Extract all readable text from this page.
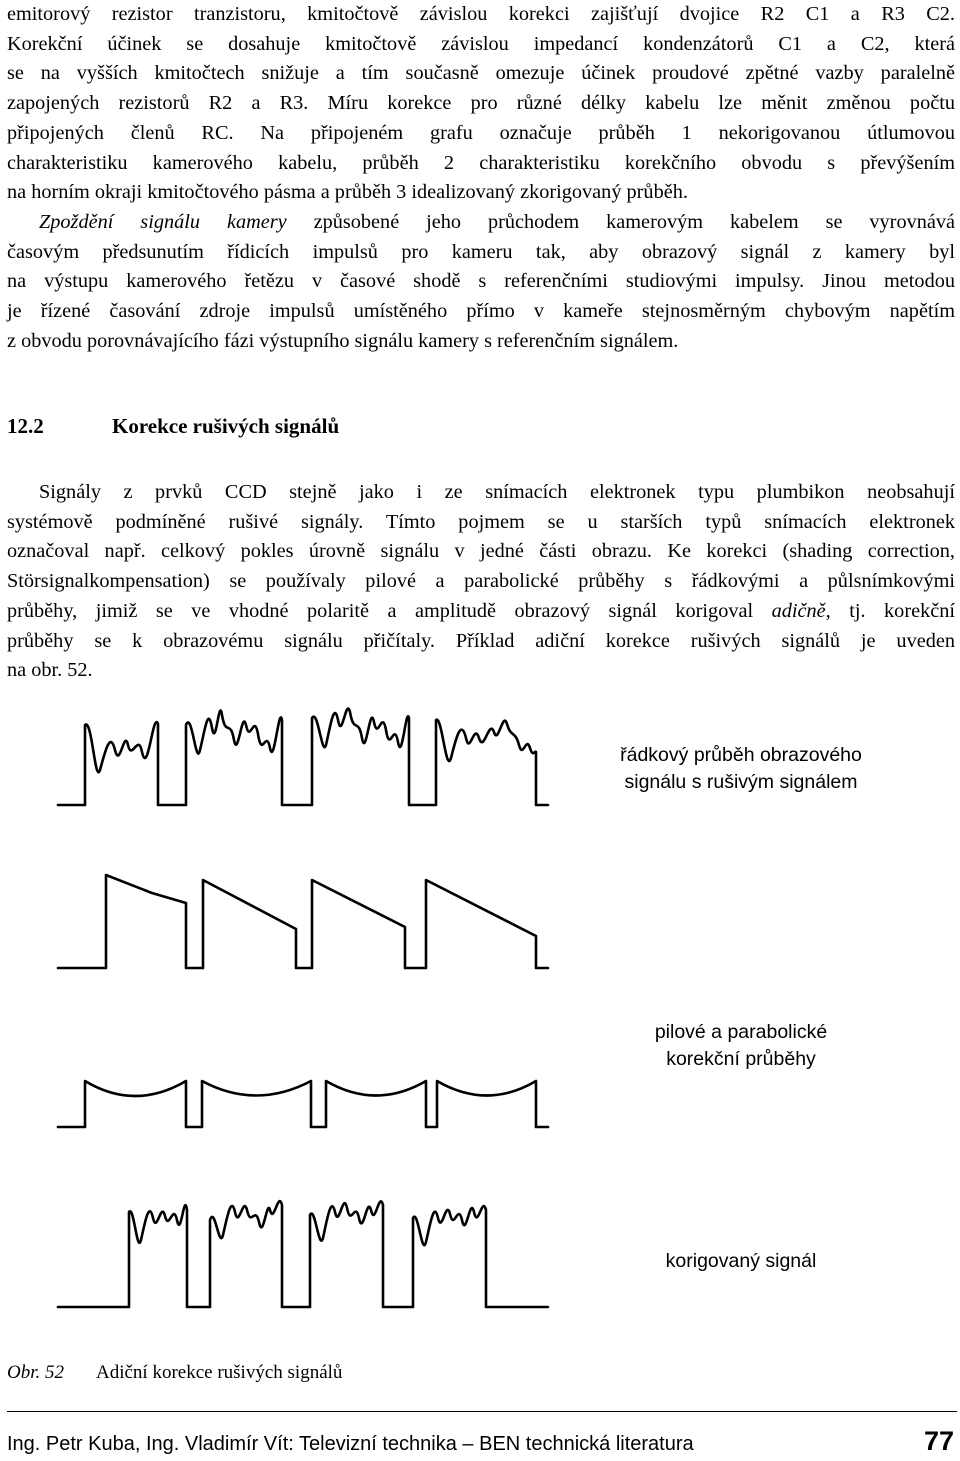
emitorový rezistor tranzistoru, kmitočtově závislou korekci zajišťují dvojice R2 C1 a R3 C2.
Korekční účinek se dosahuje kmitočtově závislou impedancí kondenzátorů C1 a C2, která
se na vyšších kmitočtech snižuje a tím současně omezuje účinek proudové zpětné vazby paralelně
zapojených rezistorů R2 a R3. Míru korekce pro různé délky kabelu lze měnit změnou počtu
připojených členů RC. Na připojeném grafu označuje průběh 1 nekorigovanou útlumovou
charakteristiku kamerového kabelu, průběh 2 charakteristiku korekčního obvodu s převýšením
na horním okraji kmitočtového pásma a průběh 3 idealizovaný zkorigovaný průběh.
Zpoždění signálu kamery způsobené jeho průchodem kamerovým kabelem se vyrovnává
časovým předsunutím řídicích impulsů pro kameru tak, aby obrazový signál z kamery byl
na výstupu kamerového řetězu v časové shodě s referenčními studiovými impulsy. Jinou metodou
je řízené časování zdroje impulsů umístěného přímo v kameře stejnosměrným chybovým napětím
z obvodu porovnávajícího fázi výstupního signálu kamery s referenčním signálem.
12.2	Korekce rušivých signálů
Signály z prvků CCD stejně jako i ze snímacích elektronek typu plumbikon neobsahují
systémově podmíněné rušivé signály. Tímto pojmem se u starších typů snímacích elektronek
označoval např. celkový pokles úrovně signálu v jedné části obrazu. Ke korekci (shading correction,
Störsignalkompensation) se používaly pilové a parabolické průběhy s řádkovými a půlsnímkovými
průběhy, jimiž se ve vhodné polaritě a amplitudě obrazový signál korigoval adičně, tj. korekční
průběhy se k obrazovému signálu přičítaly. Příklad adiční korekce rušivých signálů je uveden
na obr. 52.
řádkový průběh obrazového
signálu s rušivým signálem
pilové a parabolické
korekční průběhy
korigovaný signál
Obr. 52 Adiční korekce rušivých signálů
Ing. Petr Kuba, Ing. Vladimír Vít: Televizní technika – BEN technická literatura	77
